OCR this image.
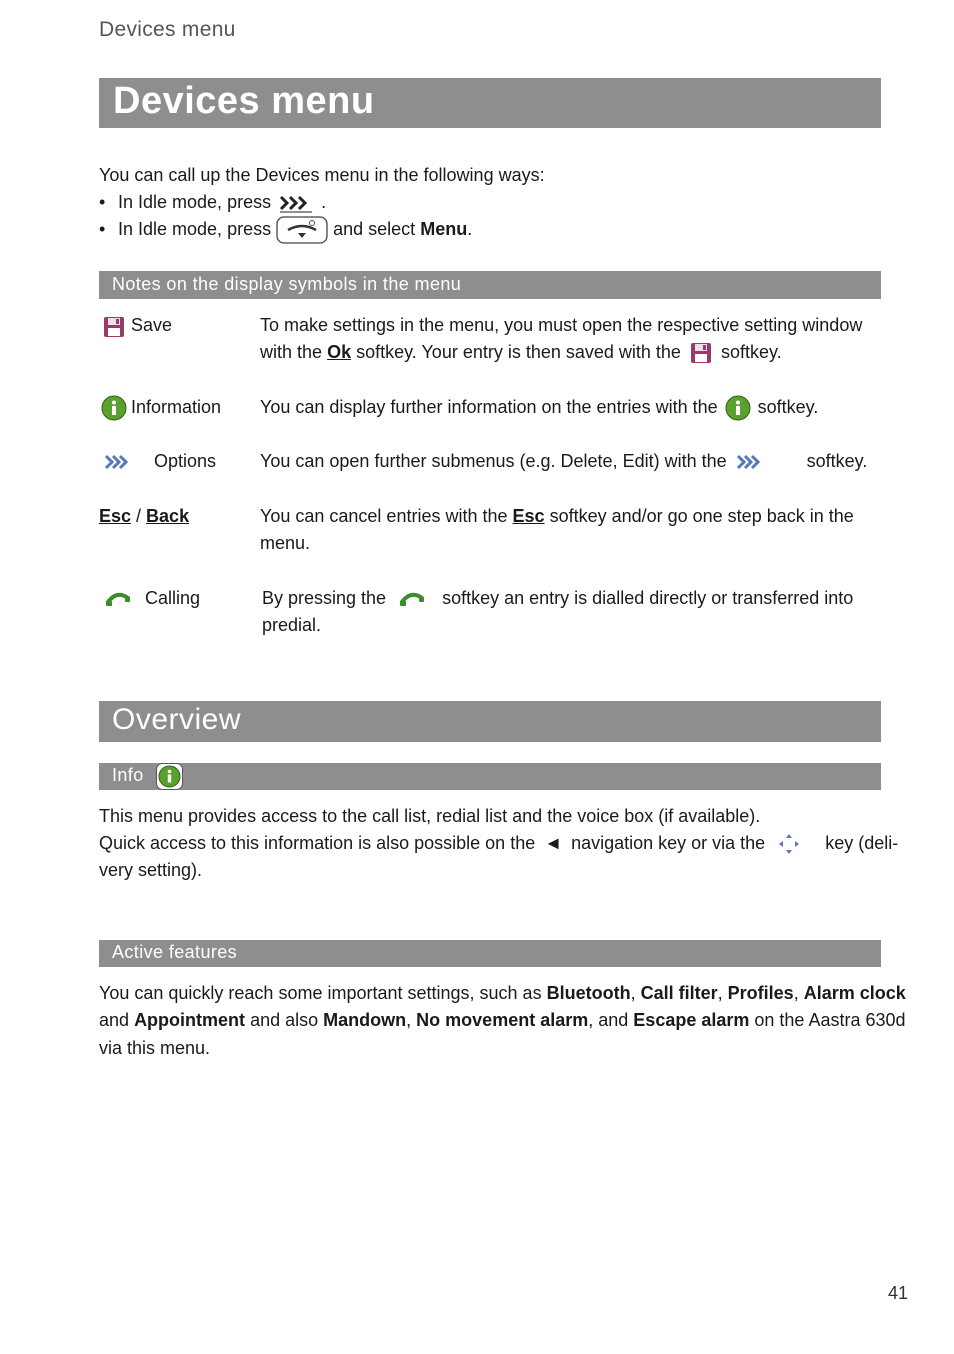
Devices menu
Devices menu
You can call up the Devices menu in the following ways:
• In Idle mode, press	.
• In Idle mode, press	and select Menu.
Notes on the display symbols in the menu
Save	To make settings in the menu, you must open the respective setting window
with the Ok softkey. Your entry is then saved with the softkey.
Information You can display further information on the entries with the softkey.
Options You can open further submenus (e.g. Delete, Edit) with the	softkey.
Esc / Back	You can cancel entries with the Esc softkey and/or go one step back in the
menu.
Calling	By pressing the	softkey an entry is dialled directly or transferred into
predial.
Overview
Info
This menu provides access to the call list, redial list and the voice box (if available).
Quick access to this information is also possible on the ◄ navigation key or via the	key (deli-
very setting).
Active features
You can quickly reach some important settings, such as Bluetooth, Call filter, Profiles, Alarm clock
and Appointment and also Mandown, No movement alarm, and Escape alarm on the Aastra 630d
via this menu.
41
